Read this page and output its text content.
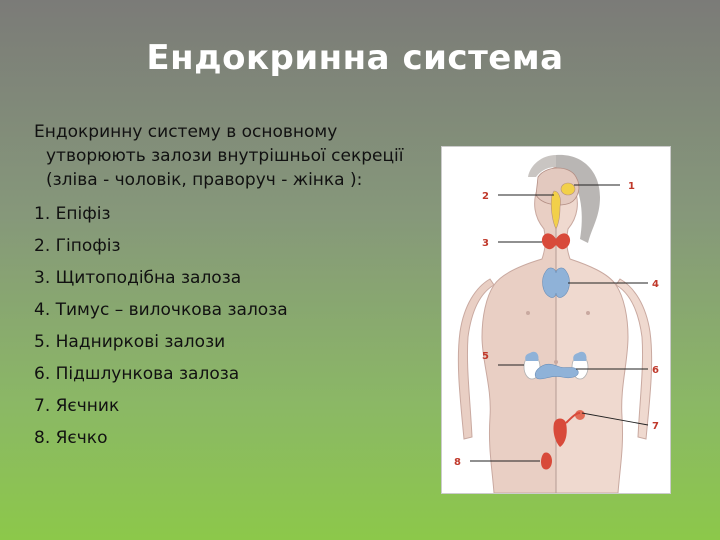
Ендокринна система

Ендокринну систему в основному утворюють залози внутрішньої секреції (зліва - чоловік, праворуч - жінка ):

1. Епіфіз

2. Гіпофіз

3. Щитоподібна залоза

4. Тимус – вилочкова залоза

5. Надниркові залози

6. Підшлункова залоза

7. Яєчник

8. Яєчко

1
2
3
4
5
6
7
8
